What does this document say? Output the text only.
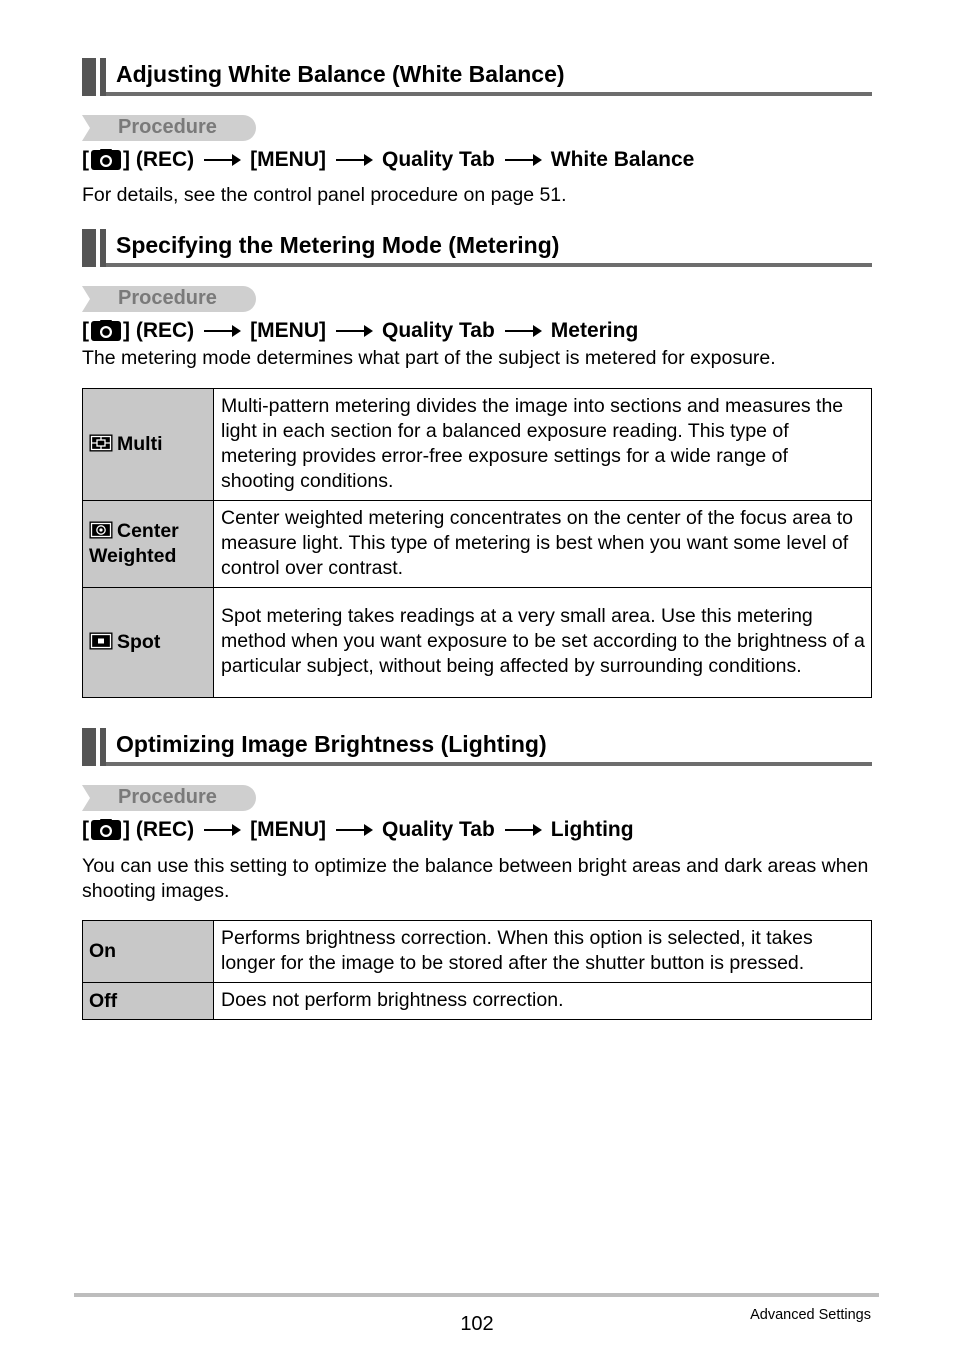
Adjusting White Balance (White Balance)
Procedure
[ ] (REC)	[MENU]	Quality Tab	White Balance
For details, see the control panel procedure on page 51.
Specifying the Metering Mode (Metering)
Procedure
[ ] (REC)	[MENU]	Quality Tab	Metering
The metering mode determines what part of the subject is metered for exposure.
Multi	Multi-pattern metering divides the image into sections and measures the light in each section for a balanced exposure reading. This type of metering provides error-free exposure settings for a wide range of shooting conditions.
Center Weighted	Center weighted metering concentrates on the center of the focus area to measure light. This type of metering is best when you want some level of control over contrast.
Spot	Spot metering takes readings at a very small area. Use this metering method when you want exposure to be set according to the brightness of a particular subject, without being affected by surrounding conditions.
Optimizing Image Brightness (Lighting)
Procedure
[ ] (REC)	[MENU]	Quality Tab	Lighting
You can use this setting to optimize the balance between bright areas and dark areas when shooting images.
On	Performs brightness correction. When this option is selected, it takes longer for the image to be stored after the shutter button is pressed.
Off	Does not perform brightness correction.
102	Advanced Settings
